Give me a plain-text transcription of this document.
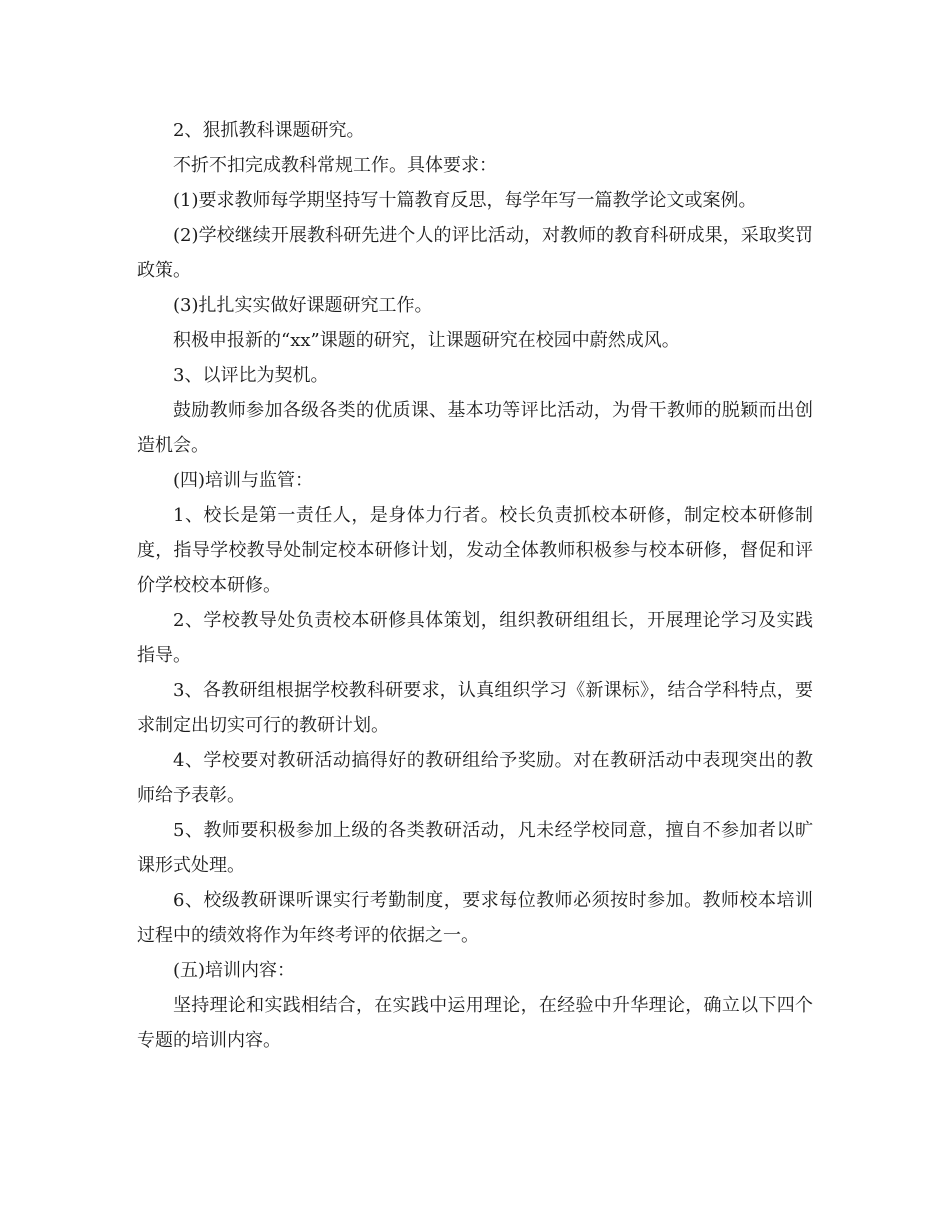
2、狠抓教科课题研究。

不折不扣完成教科常规工作。具体要求：

(1)要求教师每学期坚持写十篇教育反思，每学年写一篇教学论文或案例。

(2)学校继续开展教科研先进个人的评比活动，对教师的教育科研成果，采取奖罚政策。

(3)扎扎实实做好课题研究工作。

积极申报新的“xx”课题的研究，让课题研究在校园中蔚然成风。

3、以评比为契机。

鼓励教师参加各级各类的优质课、基本功等评比活动，为骨干教师的脱颖而出创造机会。

(四)培训与监管：

1、校长是第一责任人，是身体力行者。校长负责抓校本研修，制定校本研修制度，指导学校教导处制定校本研修计划，发动全体教师积极参与校本研修，督促和评价学校校本研修。

2、学校教导处负责校本研修具体策划，组织教研组组长，开展理论学习及实践指导。

3、各教研组根据学校教科研要求，认真组织学习《新课标》，结合学科特点，要求制定出切实可行的教研计划。

4、学校要对教研活动搞得好的教研组给予奖励。对在教研活动中表现突出的教师给予表彰。

5、教师要积极参加上级的各类教研活动，凡未经学校同意，擅自不参加者以旷课形式处理。

6、校级教研课听课实行考勤制度，要求每位教师必须按时参加。教师校本培训过程中的绩效将作为年终考评的依据之一。

(五)培训内容：

坚持理论和实践相结合，在实践中运用理论，在经验中升华理论，确立以下四个专题的培训内容。
